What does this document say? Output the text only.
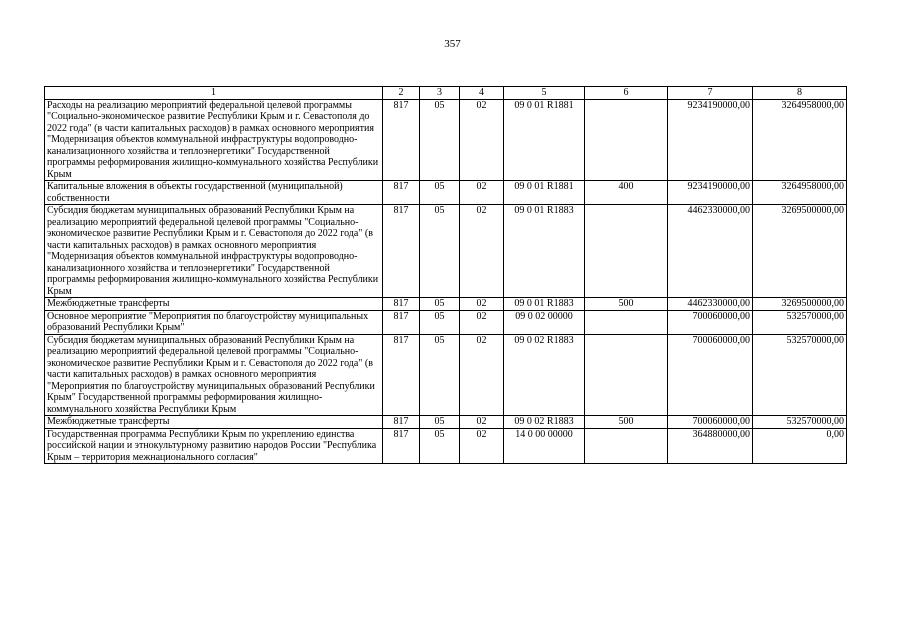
357
1	2	3	4	5	6	7	8
Расходы на реализацию мероприятий федеральной целевой программы "Социально-экономическое развитие Республики Крым и г. Севастополя до 2022 года" (в части капитальных расходов) в рамках основного мероприятия "Модернизация объектов коммунальной инфраструктуры водопроводно-канализационного хозяйства и теплоэнергетики" Государственной программы реформирования жилищно-коммунального хозяйства Республики Крым	817	05	02	09 0 01 R1881		9234190000,00	3264958000,00
Капитальные вложения в объекты государственной (муниципальной) собственности	817	05	02	09 0 01 R1881	400	9234190000,00	3264958000,00
Субсидия бюджетам муниципальных образований Республики Крым на реализацию мероприятий федеральной целевой программы "Социально-экономическое развитие Республики Крым и г. Севастополя до 2022 года" (в части капитальных расходов) в рамках основного мероприятия "Модернизация объектов коммунальной инфраструктуры водопроводно-канализационного хозяйства и теплоэнергетики" Государственной программы реформирования жилищно-коммунального хозяйства Республики Крым	817	05	02	09 0 01 R1883		4462330000,00	3269500000,00
Межбюджетные трансферты	817	05	02	09 0 01 R1883	500	4462330000,00	3269500000,00
Основное мероприятие "Мероприятия по благоустройству муниципальных образований Республики Крым"	817	05	02	09 0 02 00000		700060000,00	532570000,00
Субсидия бюджетам муниципальных образований Республики Крым на реализацию мероприятий федеральной целевой программы "Социально-экономическое развитие Республики Крым и г. Севастополя до 2022 года" (в части капитальных расходов) в рамках основного мероприятия "Мероприятия по благоустройству муниципальных образований Республики Крым" Государственной программы реформирования жилищно-коммунального хозяйства Республики Крым	817	05	02	09 0 02 R1883		700060000,00	532570000,00
Межбюджетные трансферты	817	05	02	09 0 02 R1883	500	700060000,00	532570000,00
Государственная программа Республики Крым по укреплению единства российской нации и этнокультурному развитию народов России "Республика Крым – территория межнационального согласия"	817	05	02	14 0 00 00000		364880000,00	0,00
